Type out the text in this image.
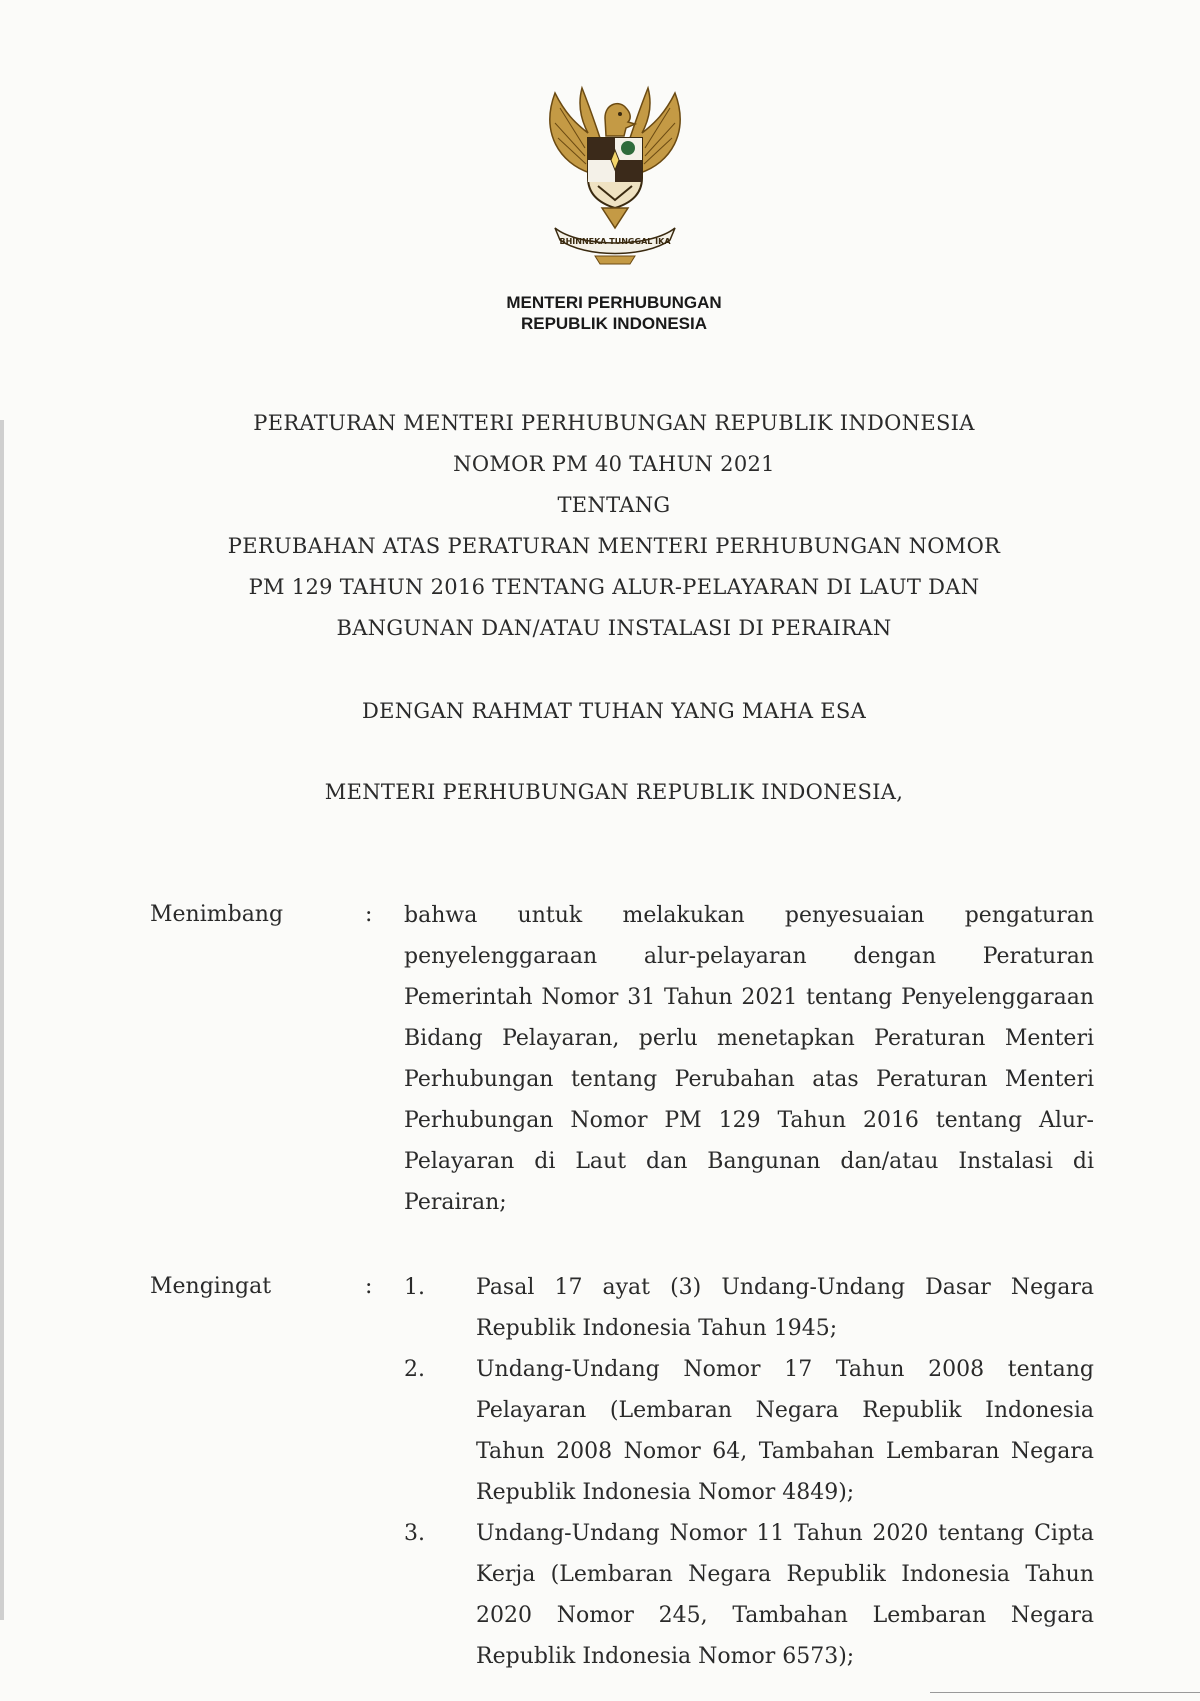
BHINNEKA TUNGGAL IKA
MENTERI PERHUBUNGAN
REPUBLIK INDONESIA
PERATURAN MENTERI PERHUBUNGAN REPUBLIK INDONESIA
NOMOR PM 40 TAHUN 2021
TENTANG
PERUBAHAN ATAS PERATURAN MENTERI PERHUBUNGAN NOMOR
PM 129 TAHUN 2016 TENTANG ALUR-PELAYARAN DI LAUT DAN
BANGUNAN DAN/ATAU INSTALASI DI PERAIRAN
DENGAN RAHMAT TUHAN YANG MAHA ESA
MENTERI PERHUBUNGAN REPUBLIK INDONESIA,
Menimbang	: bahwa untuk melakukan penyesuaian pengaturan penyelenggaraan alur-pelayaran dengan Peraturan Pemerintah Nomor 31 Tahun 2021 tentang Penyelenggaraan Bidang Pelayaran, perlu menetapkan Peraturan Menteri Perhubungan tentang Perubahan atas Peraturan Menteri Perhubungan Nomor PM 129 Tahun 2016 tentang Alur-Pelayaran di Laut dan Bangunan dan/atau Instalasi di Perairan;

Mengingat	: 1. Pasal 17 ayat (3) Undang-Undang Dasar Negara Republik Indonesia Tahun 1945;
2. Undang-Undang Nomor 17 Tahun 2008 tentang Pelayaran (Lembaran Negara Republik Indonesia Tahun 2008 Nomor 64, Tambahan Lembaran Negara Republik Indonesia Nomor 4849);
3. Undang-Undang Nomor 11 Tahun 2020 tentang Cipta Kerja (Lembaran Negara Republik Indonesia Tahun 2020 Nomor 245, Tambahan Lembaran Negara Republik Indonesia Nomor 6573);
